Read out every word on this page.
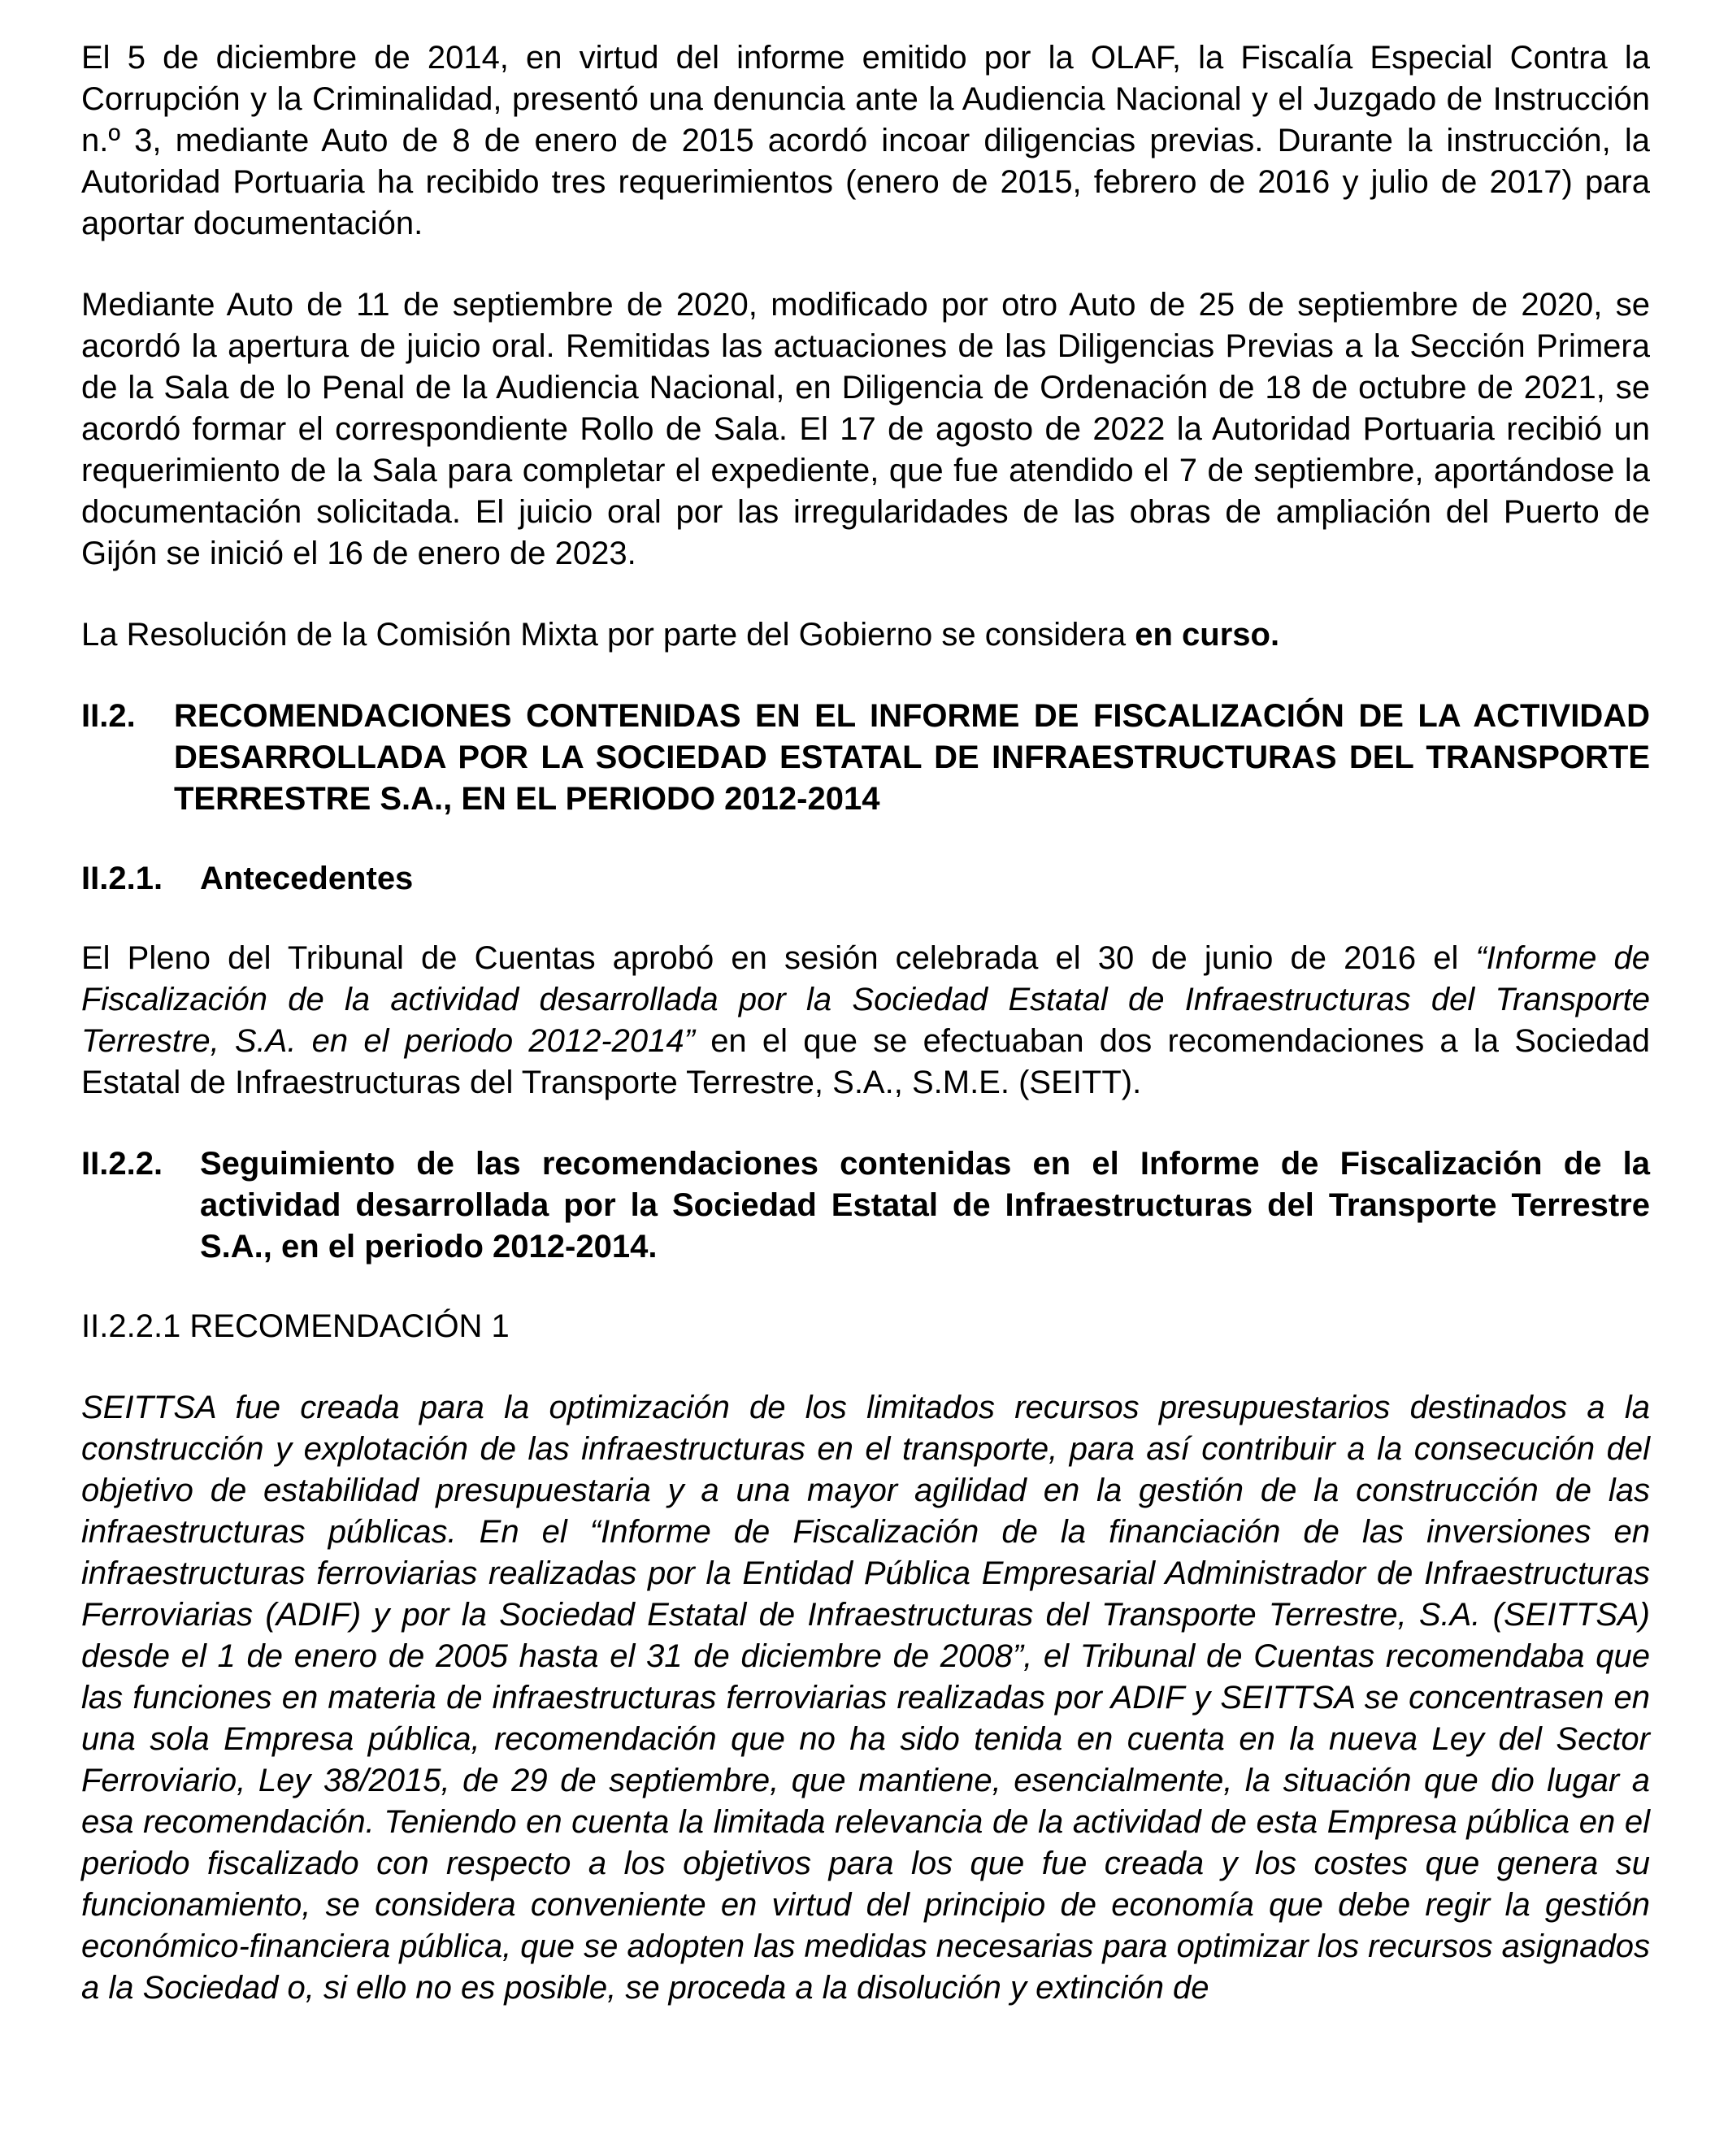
El 5 de diciembre de 2014, en virtud del informe emitido por la OLAF, la Fiscalía Especial Contra la Corrupción y la Criminalidad, presentó una denuncia ante la Audiencia Nacional y el Juzgado de Instrucción n.º 3, mediante Auto de 8 de enero de 2015 acordó incoar diligencias previas. Durante la instrucción, la Autoridad Portuaria ha recibido tres requerimientos (enero de 2015, febrero de 2016 y julio de 2017) para aportar documentación.

Mediante Auto de 11 de septiembre de 2020, modificado por otro Auto de 25 de septiembre de 2020, se acordó la apertura de juicio oral. Remitidas las actuaciones de las Diligencias Previas a la Sección Primera de la Sala de lo Penal de la Audiencia Nacional, en Diligencia de Ordenación de 18 de octubre de 2021, se acordó formar el correspondiente Rollo de Sala. El 17 de agosto de 2022 la Autoridad Portuaria recibió un requerimiento de la Sala para completar el expediente, que fue atendido el 7 de septiembre, aportándose la documentación solicitada. El juicio oral por las irregularidades de las obras de ampliación del Puerto de Gijón se inició el 16 de enero de 2023.

La Resolución de la Comisión Mixta por parte del Gobierno se considera en curso.

II.2.	RECOMENDACIONES CONTENIDAS EN EL INFORME DE FISCALIZACIÓN DE LA ACTIVIDAD DESARROLLADA POR LA SOCIEDAD ESTATAL DE INFRAESTRUCTURAS DEL TRANSPORTE TERRESTRE S.A., EN EL PERIODO 2012-2014
II.2.1.	Antecedentes

El Pleno del Tribunal de Cuentas aprobó en sesión celebrada el 30 de junio de 2016 el “Informe de Fiscalización de la actividad desarrollada por la Sociedad Estatal de Infraestructuras del Transporte Terrestre, S.A. en el periodo 2012-2014” en el que se efectuaban dos recomendaciones a la Sociedad Estatal de Infraestructuras del Transporte Terrestre, S.A., S.M.E. (SEITT).

II.2.2.	Seguimiento de las recomendaciones contenidas en el Informe de Fiscalización de la actividad desarrollada por la Sociedad Estatal de Infraestructuras del Transporte Terrestre S.A., en el periodo 2012-2014.
II.2.2.1 RECOMENDACIÓN 1

SEITTSA fue creada para la optimización de los limitados recursos presupuestarios destinados a la construcción y explotación de las infraestructuras en el transporte, para así contribuir a la consecución del objetivo de estabilidad presupuestaria y a una mayor agilidad en la gestión de la construcción de las infraestructuras públicas. En el “Informe de Fiscalización de la financiación de las inversiones en infraestructuras ferroviarias realizadas por la Entidad Pública Empresarial Administrador de Infraestructuras Ferroviarias (ADIF) y por la Sociedad Estatal de Infraestructuras del Transporte Terrestre, S.A. (SEITTSA) desde el 1 de enero de 2005 hasta el 31 de diciembre de 2008”, el Tribunal de Cuentas recomendaba que las funciones en materia de infraestructuras ferroviarias realizadas por ADIF y SEITTSA se concentrasen en una sola Empresa pública, recomendación que no ha sido tenida en cuenta en la nueva Ley del Sector Ferroviario, Ley 38/2015, de 29 de septiembre, que mantiene, esencialmente, la situación que dio lugar a esa recomendación. Teniendo en cuenta la limitada relevancia de la actividad de esta Empresa pública en el periodo fiscalizado con respecto a los objetivos para los que fue creada y los costes que genera su funcionamiento, se considera conveniente en virtud del principio de economía que debe regir la gestión económico-financiera pública, que se adopten las medidas necesarias para optimizar los recursos asignados a la Sociedad o, si ello no es posible, se proceda a la disolución y extinción de
